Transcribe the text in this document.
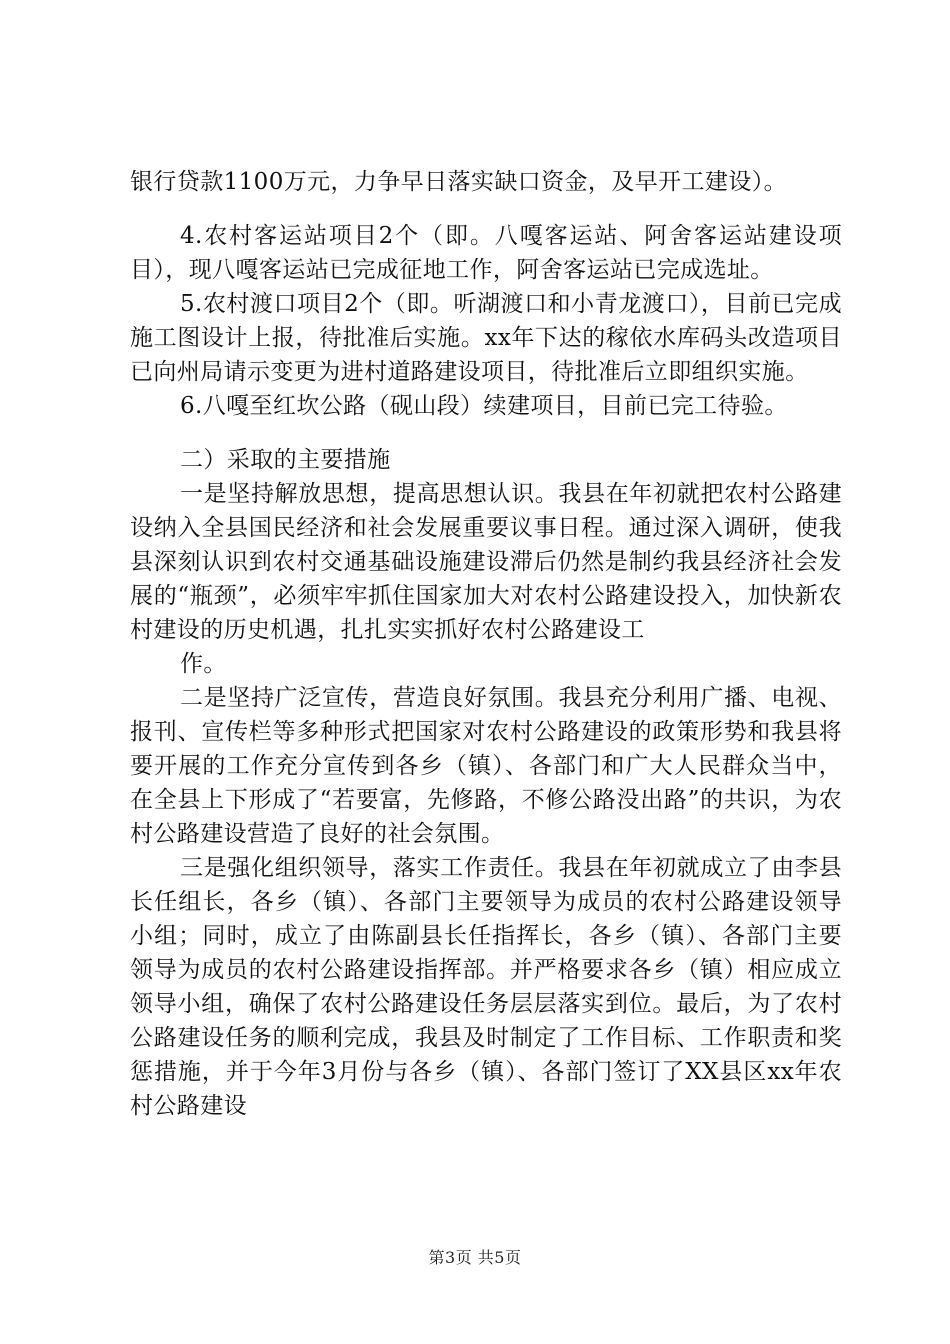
银行贷款1100万元，力争早日落实缺口资金，及早开工建设）。

4.农村客运站项目2个（即。八嘎客运站、阿舍客运站建设项目），现八嘎客运站已完成征地工作，阿舍客运站已完成选址。

5.农村渡口项目2个（即。听湖渡口和小青龙渡口），目前已完成施工图设计上报，待批准后实施。xx年下达的稼依水库码头改造项目已向州局请示变更为进村道路建设项目，待批准后立即组织实施。

6.八嘎至红坎公路（砚山段）续建项目，目前已完工待验。

二）采取的主要措施

一是坚持解放思想，提高思想认识。我县在年初就把农村公路建设纳入全县国民经济和社会发展重要议事日程。通过深入调研，使我县深刻认识到农村交通基础设施建设滞后仍然是制约我县经济社会发展的“瓶颈”，必须牢牢抓住国家加大对农村公路建设投入，加快新农村建设的历史机遇，扎扎实实抓好农村公路建设工

作。

二是坚持广泛宣传，营造良好氛围。我县充分利用广播、电视、报刊、宣传栏等多种形式把国家对农村公路建设的政策形势和我县将要开展的工作充分宣传到各乡（镇）、各部门和广大人民群众当中，在全县上下形成了“若要富，先修路，不修公路没出路”的共识，为农村公路建设营造了良好的社会氛围。

三是强化组织领导，落实工作责任。我县在年初就成立了由李县长任组长，各乡（镇）、各部门主要领导为成员的农村公路建设领导小组；同时，成立了由陈副县长任指挥长，各乡（镇）、各部门主要领导为成员的农村公路建设指挥部。并严格要求各乡（镇）相应成立领导小组，确保了农村公路建设任务层层落实到位。最后，为了农村公路建设任务的顺利完成，我县及时制定了工作目标、工作职责和奖惩措施，并于今年3月份与各乡（镇）、各部门签订了XX县区xx年农村公路建设

第3页 共5页
